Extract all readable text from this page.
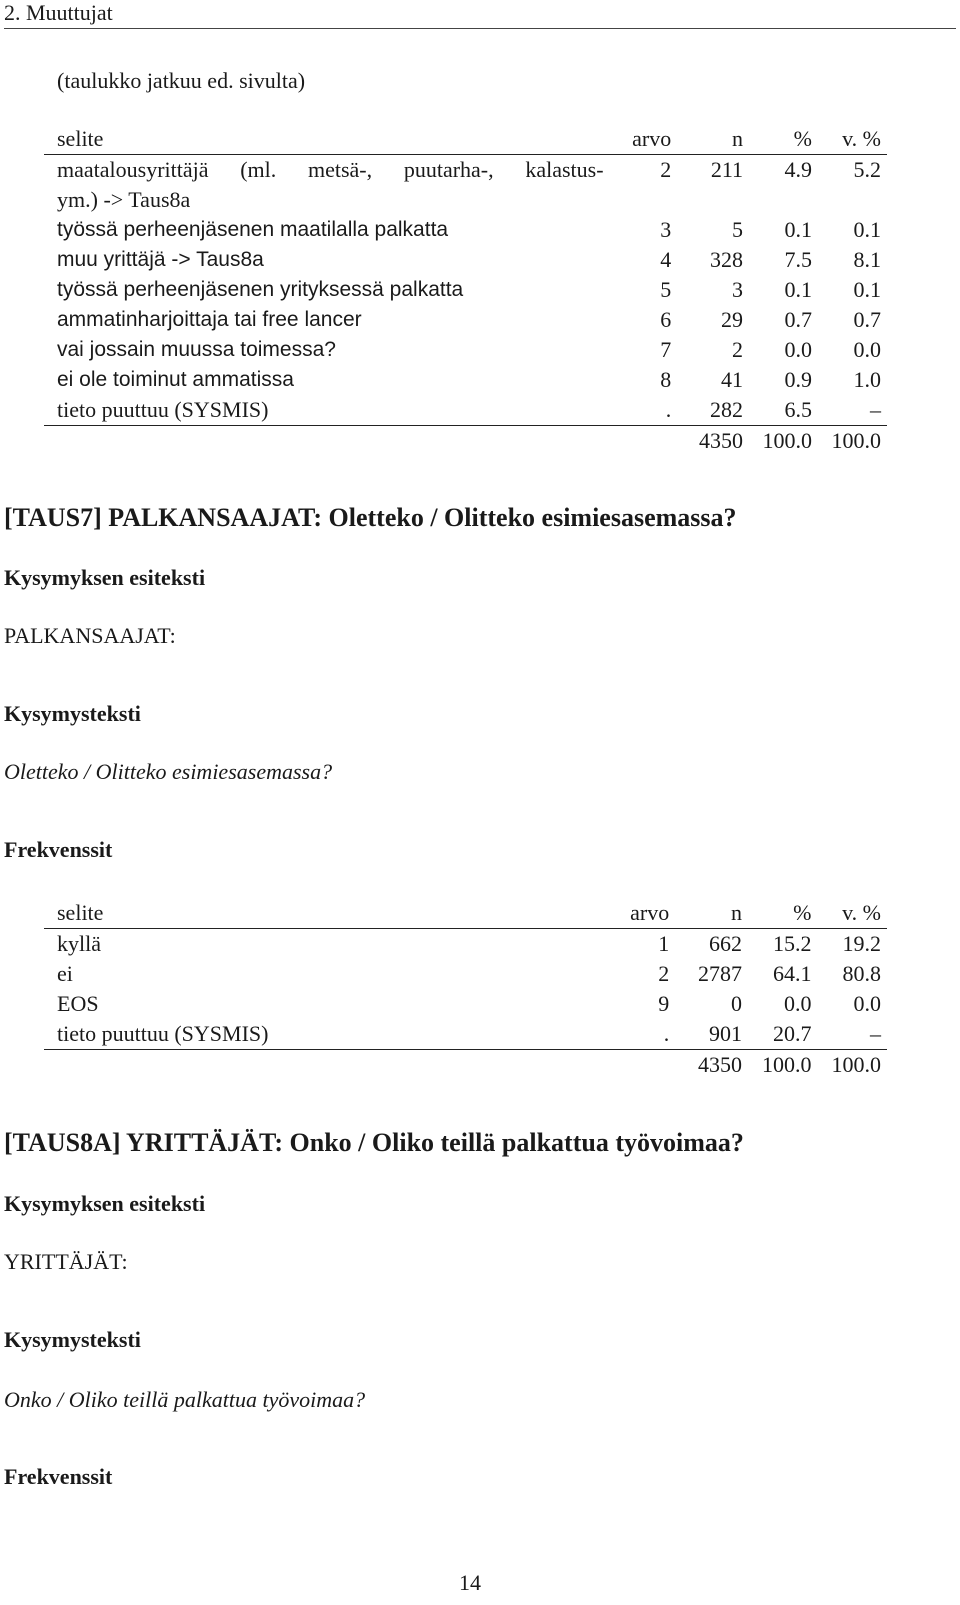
2. Muuttujat
(taulukko jatkuu ed. sivulta)
selite	arvo	n	%	v. %

maatalousyrittäjä (ml. metsä-, puutarha-, kalastus-
ym.) -> Taus8a	2	211	4.9	5.2
työssä perheenjäsenen maatilalla palkatta	3	5	0.1	0.1
muu yrittäjä -> Taus8a	4	328	7.5	8.1
työssä perheenjäsenen yrityksessä palkatta	5	3	0.1	0.1
ammatinharjoittaja tai free lancer	6	29	0.7	0.7
vai jossain muussa toimessa?	7	2	0.0	0.0
ei ole toiminut ammatissa	8	41	0.9	1.0
tieto puuttuu (SYSMIS)	.	282	6.5	–
		4350	100.0	100.0
[TAUS7] PALKANSAAJAT: Oletteko / Olitteko esimiesasemassa?
Kysymyksen esiteksti
PALKANSAAJAT:
Kysymysteksti
Oletteko / Olitteko esimiesasemassa?
Frekvenssit
selite	arvo	n	%	v. %
kyllä	1	662	15.2	19.2
ei	2	2787	64.1	80.8
EOS	9	0	0.0	0.0
tieto puuttuu (SYSMIS)	.	901	20.7	–
		4350	100.0	100.0
[TAUS8A] YRITTÄJÄT: Onko / Oliko teillä palkattua työvoimaa?
Kysymyksen esiteksti
YRITTÄJÄT:
Kysymysteksti
Onko / Oliko teillä palkattua työvoimaa?
Frekvenssit
14
